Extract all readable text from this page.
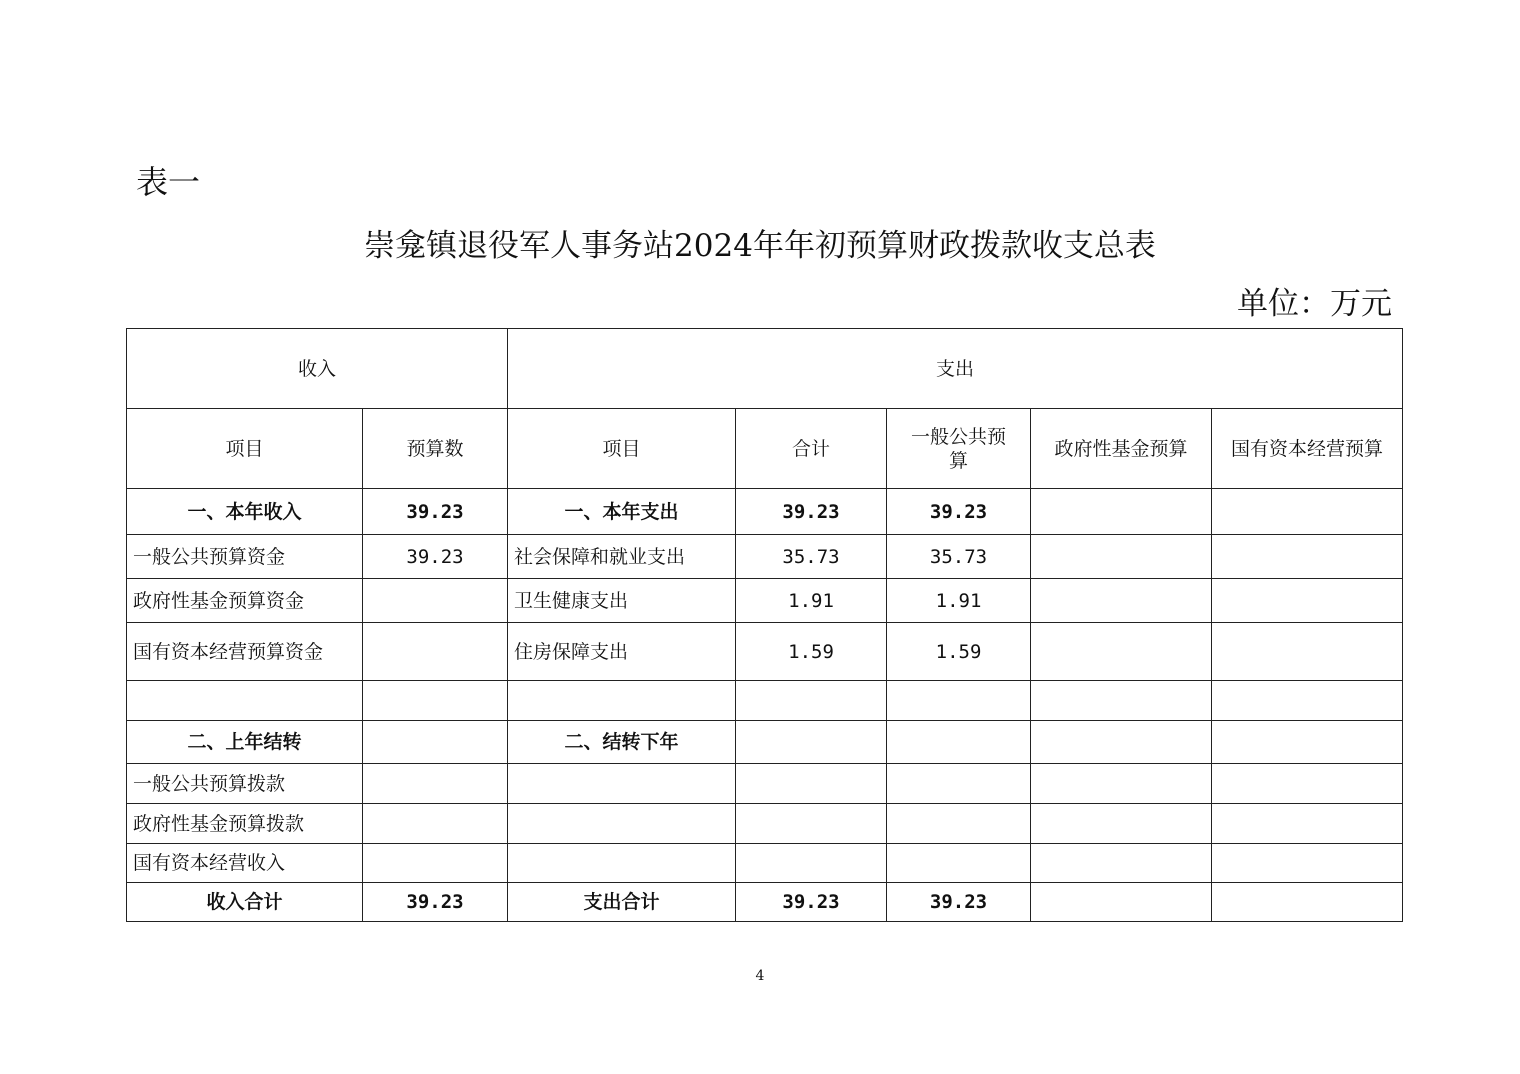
表一
崇龛镇退役军人事务站2024年年初预算财政拨款收支总表
单位：万元
收入		支出				
项目	预算数	项目	合计	一般公共预算	政府性基金预算	国有资本经营预算
一、本年收入	39.23	一、本年支出	39.23	39.23		
一般公共预算资金	39.23	社会保障和就业支出	35.73	35.73		
政府性基金预算资金		卫生健康支出	1.91	1.91		
国有资本经营预算资金		住房保障支出	1.59	1.59		

二、上年结转		二、结转下年				
一般公共预算拨款						
政府性基金预算拨款						
国有资本经营收入						
收入合计	39.23	支出合计	39.23	39.23		
4
